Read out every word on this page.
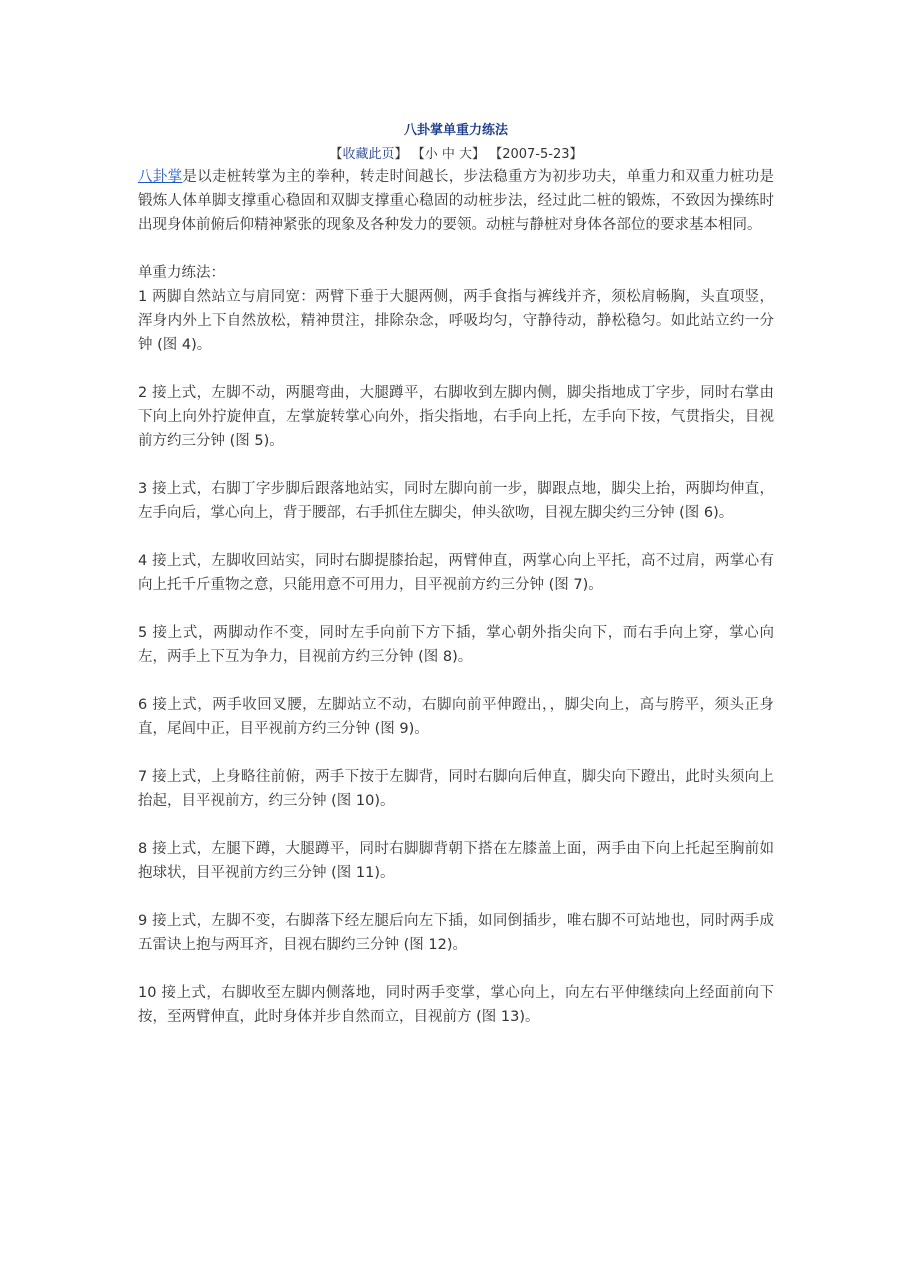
八卦掌单重力练法
【收藏此页】 【小 中 大】 【2007-5-23】

八卦掌是以走桩转掌为主的拳种，转走时间越长，步法稳重方为初步功夫，单重力和双重力桩功是锻炼人体单脚支撑重心稳固和双脚支撑重心稳固的动桩步法，经过此二桩的锻炼，不致因为操练时出现身体前俯后仰精神紧张的现象及各种发力的要领。动桩与静桩对身体各部位的要求基本相同。

单重力练法：

1 两脚自然站立与肩同宽：两臂下垂于大腿两侧，两手食指与裤线并齐，须松肩畅胸，头直项竖，浑身内外上下自然放松，精神贯注，排除杂念，呼吸均匀，守静待动，静松稳匀。如此站立约一分钟 (图 4)。

2 接上式，左脚不动，两腿弯曲，大腿蹲平，右脚收到左脚内侧，脚尖指地成丁字步，同时右掌由下向上向外拧旋伸直，左掌旋转掌心向外，指尖指地，右手向上托，左手向下按，气贯指尖，目视前方约三分钟 (图 5)。

3 接上式，右脚丁字步脚后跟落地站实，同时左脚向前一步，脚跟点地，脚尖上抬，两脚均伸直，左手向后，掌心向上，背于腰部，右手抓住左脚尖，伸头欲吻，目视左脚尖约三分钟 (图 6)。

4 接上式，左脚收回站实，同时右脚提膝抬起，两臂伸直，两掌心向上平托，高不过肩，两掌心有向上托千斤重物之意，只能用意不可用力，目平视前方约三分钟 (图 7)。

5 接上式，两脚动作不变，同时左手向前下方下插，掌心朝外指尖向下，而右手向上穿，掌心向左，两手上下互为争力，目视前方约三分钟 (图 8)。

6 接上式，两手收回叉腰，左脚站立不动，右脚向前平伸蹬出，，脚尖向上，高与胯平，须头正身直，尾闾中正，目平视前方约三分钟 (图 9)。

7 接上式，上身略往前俯，两手下按于左脚背，同时右脚向后伸直，脚尖向下蹬出，此时头须向上抬起，目平视前方，约三分钟 (图 10)。

8 接上式，左腿下蹲，大腿蹲平，同时右脚脚背朝下搭在左膝盖上面，两手由下向上托起至胸前如抱球状，目平视前方约三分钟 (图 11)。

9 接上式，左脚不变，右脚落下经左腿后向左下插，如同倒插步，唯右脚不可站地也，同时两手成五雷诀上抱与两耳齐，目视右脚约三分钟 (图 12)。

10 接上式，右脚收至左脚内侧落地，同时两手变掌，掌心向上，向左右平伸继续向上经面前向下按，至两臂伸直，此时身体并步自然而立，目视前方 (图 13)。
